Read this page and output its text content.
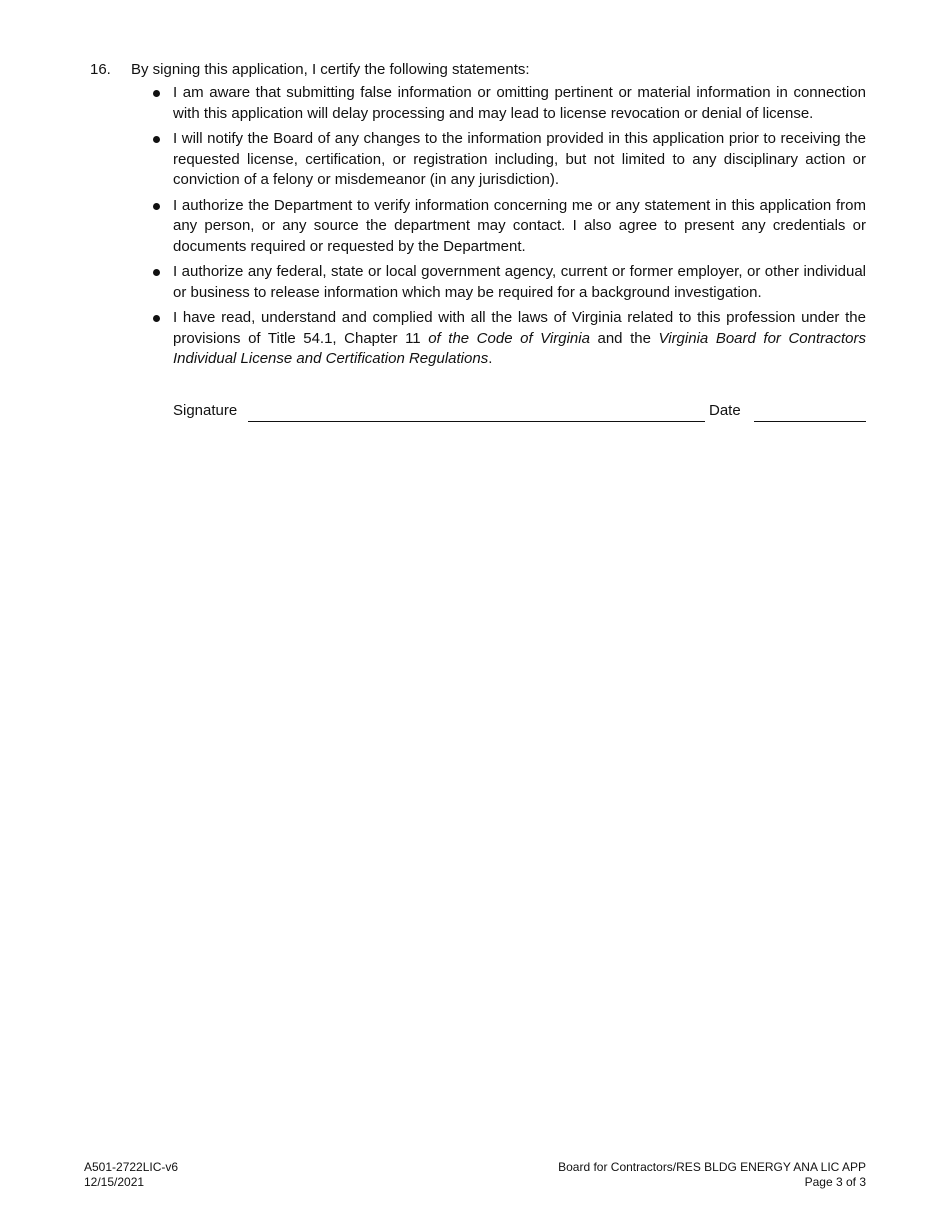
16. By signing this application, I certify the following statements:
I am aware that submitting false information or omitting pertinent or material information in connection with this application will delay processing and may lead to license revocation or denial of license.
I will notify the Board of any changes to the information provided in this application prior to receiving the requested license, certification, or registration including, but not limited to any disciplinary action or conviction of a felony or misdemeanor (in any jurisdiction).
I authorize the Department to verify information concerning me or any statement in this application from any person, or any source the department may contact. I also agree to present any credentials or documents required or requested by the Department.
I authorize any federal, state or local government agency, current or former employer, or other individual or business to release information which may be required for a background investigation.
I have read, understand and complied with all the laws of Virginia related to this profession under the provisions of Title 54.1, Chapter 11 of the Code of Virginia and the Virginia Board for Contractors Individual License and Certification Regulations.
Signature	Date
A501-2722LIC-v6
12/15/2021
Board for Contractors/RES BLDG ENERGY ANA LIC APP
Page 3 of 3
